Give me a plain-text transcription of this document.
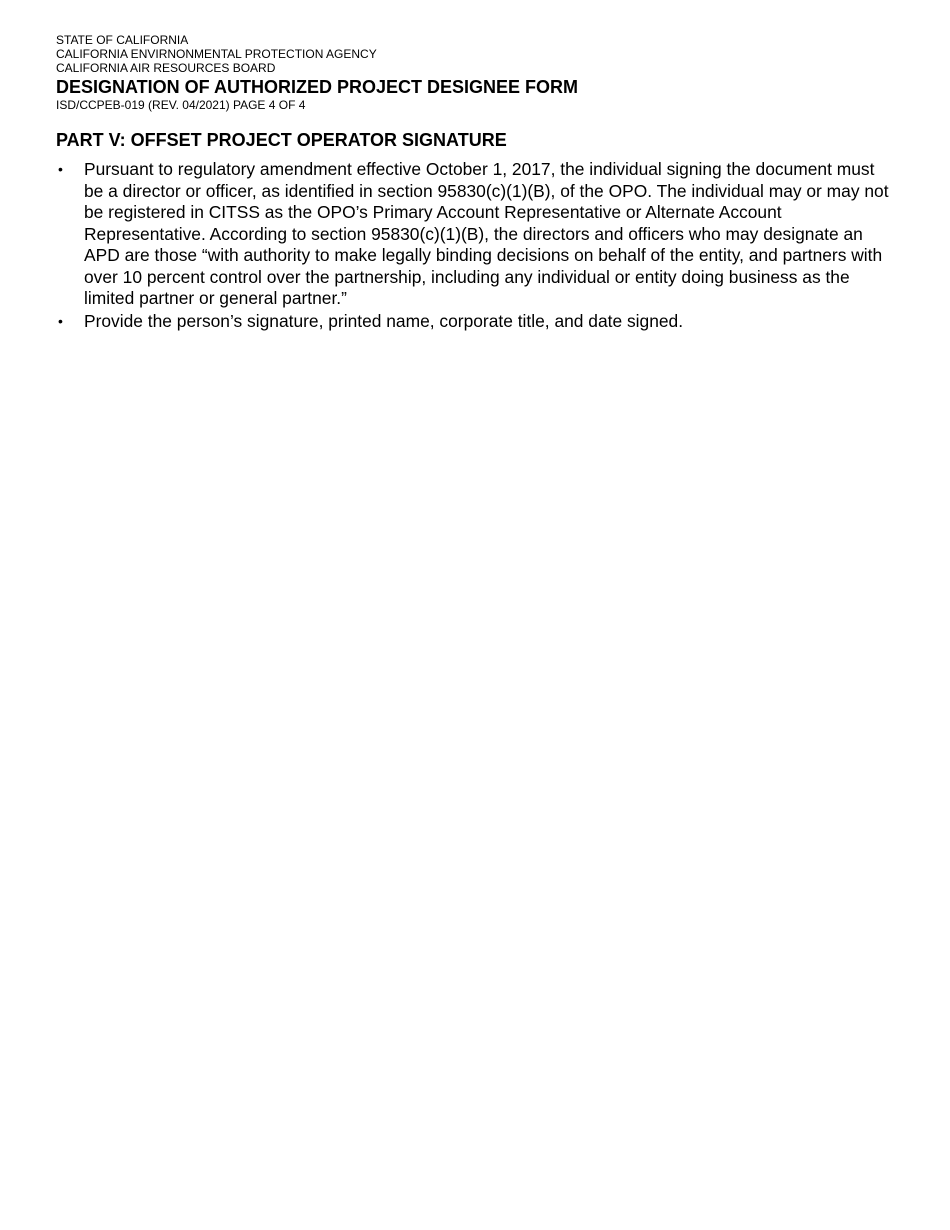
STATE OF CALIFORNIA

CALIFORNIA ENVIRNONMENTAL PROTECTION AGENCY

CALIFORNIA AIR RESOURCES BOARD

DESIGNATION OF AUTHORIZED PROJECT DESIGNEE FORM

ISD/CCPEB-019 (REV. 04/2021) PAGE 4 OF 4

PART V: OFFSET PROJECT OPERATOR SIGNATURE
• Pursuant to regulatory amendment effective October 1, 2017, the individual signing the document must be a director or officer, as identified in section 95830(c)(1)(B), of the OPO. The individual may or may not be registered in CITSS as the OPO’s Primary Account Representative or Alternate Account Representative. According to section 95830(c)(1)(B), the directors and officers who may designate an APD are those “with authority to make legally binding decisions on behalf of the entity, and partners with over 10 percent control over the partnership, including any individual or entity doing business as the limited partner or general partner.”
• Provide the person’s signature, printed name, corporate title, and date signed.
